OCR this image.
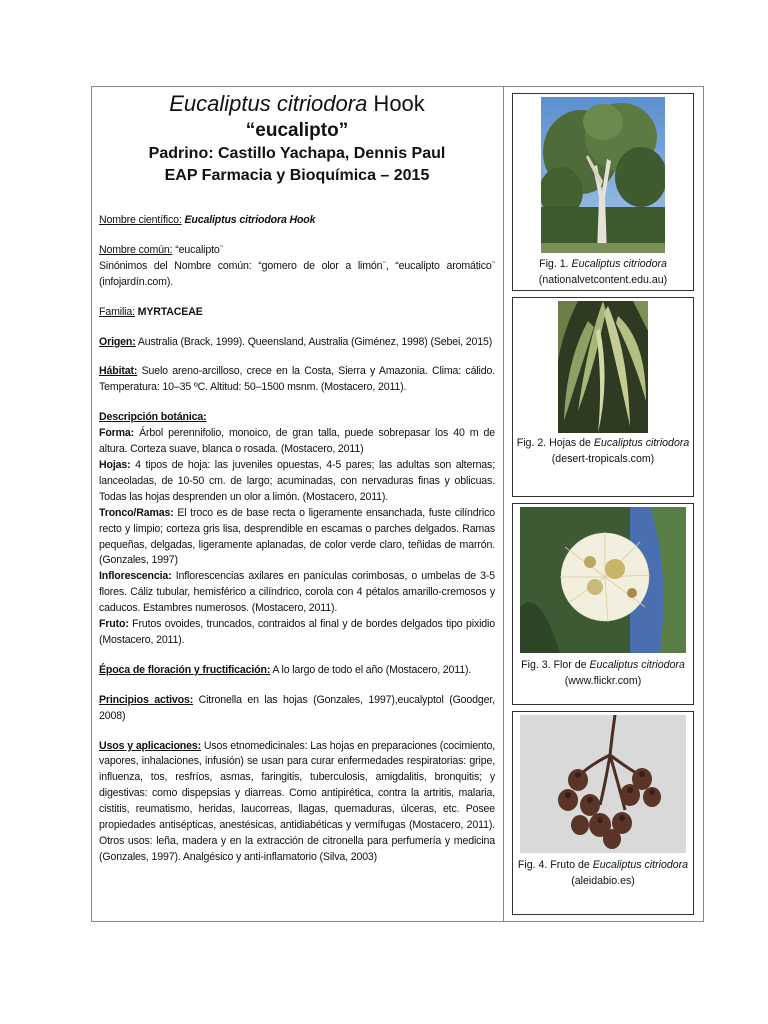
Eucaliptus citriodora Hook
“eucalipto”
Padrino: Castillo Yachapa, Dennis Paul
EAP Farmacia y Bioquímica – 2015
Nombre científico: Eucaliptus citriodora Hook
Nombre común: “eucalipto¨
Sinónimos del Nombre común: “gomero de olor a limón¨, “eucalipto aromático¨ (infojardín.com).
Familia: MYRTACEAE
Origen: Australia (Brack, 1999). Queensland, Australia (Giménez, 1998) (Sebei, 2015)
Hábitat: Suelo areno-arcilloso, crece en la Costa, Sierra y Amazonia. Clima: cálido. Temperatura: 10–35 ºC. Altitud: 50–1500 msnm. (Mostacero, 2011).
Descripción botánica:
Forma: Árbol perennifolio, monoico, de gran talla, puede sobrepasar los 40 m de altura. Corteza suave, blanca o rosada. (Mostacero, 2011)
Hojas: 4 tipos de hoja: las juveniles opuestas, 4-5 pares; las adultas son alternas; lanceoladas, de 10-50 cm. de largo; acuminadas, con nervaduras finas y oblicuas. Todas las hojas desprenden un olor a limón. (Mostacero, 2011).
Tronco/Ramas: El troco es de base recta o ligeramente ensanchada, fuste cilíndrico recto y limpio; corteza gris lisa, desprendible en escamas o parches delgados. Ramas pequeñas, delgadas, ligeramente aplanadas, de color verde claro, teñidas de marrón. (Gonzales, 1997)
Inflorescencia: Inflorescencias axilares en panículas corimbosas, o umbelas de 3-5 flores. Cáliz tubular, hemisférico a cilíndrico, corola con 4 pétalos amarillo-cremosos y caducos. Estambres numerosos. (Mostacero, 2011).
Fruto: Frutos ovoides, truncados, contraidos al final y de bordes delgados tipo pixidio (Mostacero, 2011).
Época de floración y fructificación: A lo largo de todo el año (Mostacero, 2011).
Principios activos: Citronella en las hojas (Gonzales, 1997),eucalyptol (Goodger, 2008)
Usos y aplicaciones: Usos etnomedicinales: Las hojas en preparaciones (cocimiento, vapores, inhalaciones, infusión) se usan para curar enfermedades respiratorias: gripe, influenza, tos, resfríos, asmas, faringitis, tuberculosis, amigdalitis, bronquitis; y digestivas: como dispepsias y diarreas. Como antipirética, contra la artritis, malaria, cistitis, reumatismo, heridas, laucorreas, llagas, quemaduras, úlceras, etc. Posee propiedades antisépticas, anestésicas, antidiabéticas y vermífugas (Mostacero, 2011). Otros usos: leña, madera y en la extracción de citronella para perfumería y medicina (Gonzales, 1997). Analgésico y anti-inflamatorio (Silva, 2003)
Fig. 1. Eucaliptus citriodora
(nationalvetcontent.edu.au)
Fig. 2. Hojas de Eucaliptus citriodora
(desert-tropicals.com)
Fig. 3. Flor de Eucaliptus citriodora
(www.flickr.com)
Fig. 4. Fruto de Eucaliptus citriodora
(aleidabio.es)
